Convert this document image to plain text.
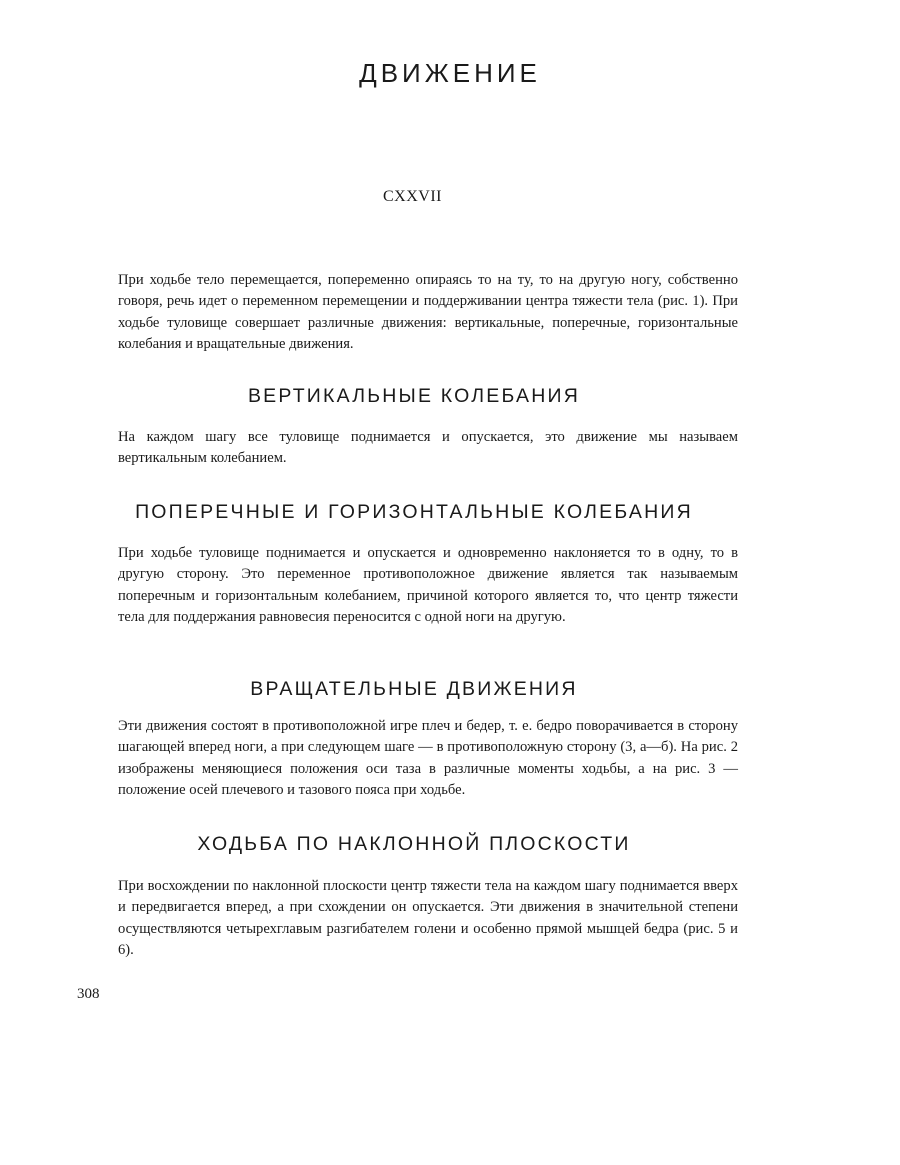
ДВИЖЕНИЕ
CXXVII

При ходьбе тело перемещается, попеременно опираясь то на ту, то на другую ногу, собственно говоря, речь идет о переменном перемещении и поддерживании центра тяжести тела (рис. 1). При ходьбе туловище совершает различные движения: вертикальные, поперечные, горизонтальные колебания и вращательные движения.

ВЕРТИКАЛЬНЫЕ КОЛЕБАНИЯ

На каждом шагу все туловище поднимается и опускается, это движение мы называем вертикальным колебанием.

ПОПЕРЕЧНЫЕ И ГОРИЗОНТАЛЬНЫЕ КОЛЕБАНИЯ

При ходьбе туловище поднимается и опускается и одновременно наклоняется то в одну, то в другую сторону. Это переменное противоположное движение является так называемым поперечным и горизонтальным колебанием, причиной которого является то, что центр тяжести тела для поддержания равновесия переносится с одной ноги на другую.

ВРАЩАТЕЛЬНЫЕ ДВИЖЕНИЯ

Эти движения состоят в противоположной игре плеч и бедер, т. е. бедро поворачивается в сторону шагающей вперед ноги, а при следующем шаге — в противоположную сторону (3, а—б). На рис. 2 изображены меняющиеся положения оси таза в различные моменты ходьбы, а на рис. 3 — положение осей плечевого и тазового пояса при ходьбе.

ХОДЬБА ПО НАКЛОННОЙ ПЛОСКОСТИ

При восхождении по наклонной плоскости центр тяжести тела на каждом шагу поднимается вверх и передвигается вперед, а при схождении он опускается. Эти движения в значительной степени осуществляются четырехглавым разгибателем голени и особенно прямой мышцей бедра (рис. 5 и 6).

308
